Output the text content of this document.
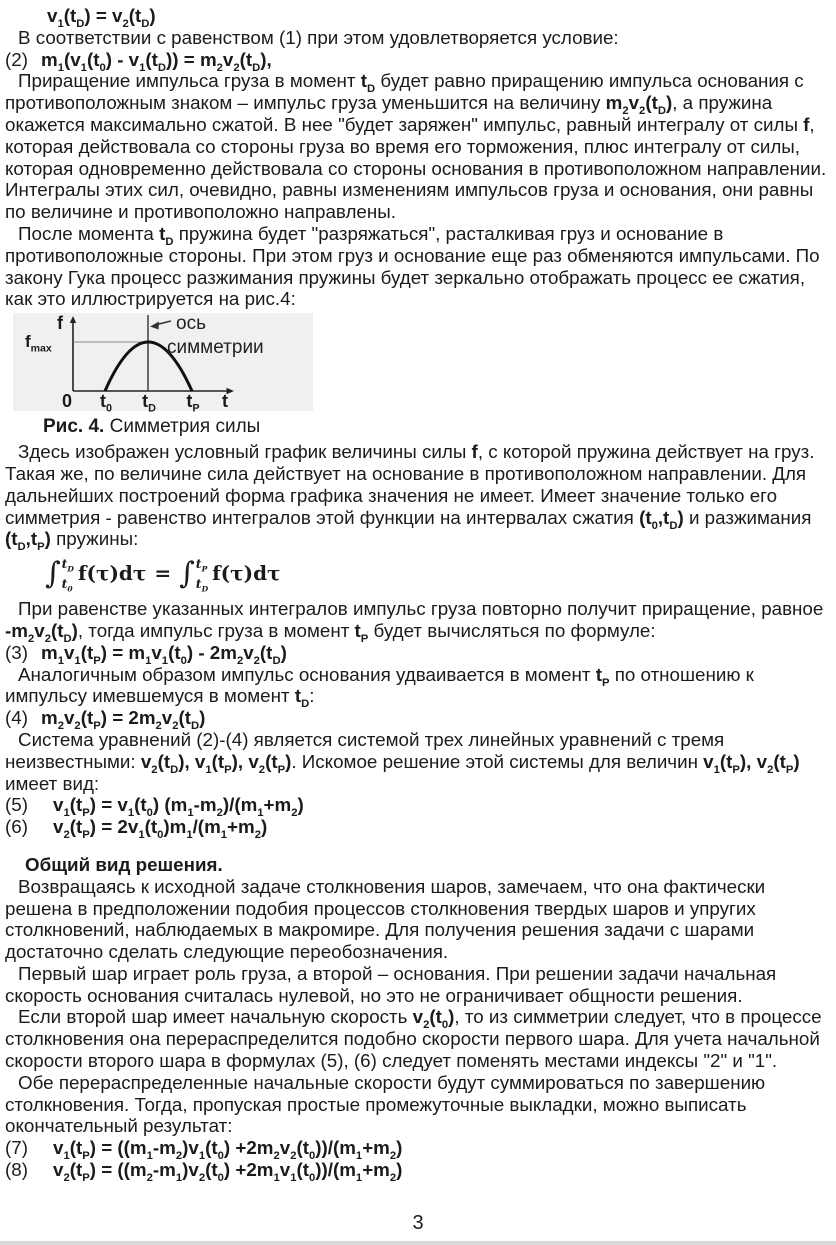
$v_1(t_D) = v_2(t_D)$

В соответствии с равенством (1) при этом удовлетворяется условие:

(2) $m_1(v_1(t_0) - v_1(t_D)) = m_2v_2(t_D)$,

Приращение импульса груза в момент $t_D$ будет равно приращению импульса основания с противоположным знаком – импульс груза уменьшится на величину $m_2v_2(t_D)$, а пружина окажется максимально сжатой. В нее "будет заряжен" импульс, равный интегралу от силы f, которая действовала со стороны груза во время его торможения, плюс интегралу от силы, которая одновременно действовала со стороны основания в противоположном направлении. Интегралы этих сил, очевидно, равны изменениям импульсов груза и основания, они равны по величине и противоположно направлены.

После момента $t_D$ пружина будет "разряжаться", расталкивая груз и основание в противоположные стороны. При этом груз и основание еще раз обменяются импульсами. По закону Гука процесс разжимания пружины будет зеркально отображать процесс ее сжатия, как это иллюстрируется на рис.4:

f
$f_{max}$
ось
симметрии
0 $t_0$ $t_D$ $t_P$ t

Рис. 4. Симметрия силы

Здесь изображен условный график величины силы f, с которой пружина действует на груз. Такая же, по величине сила действует на основание в противоположном направлении. Для дальнейших построений форма графика значения не имеет. Имеет значение только его симметрия - равенство интегралов этой функции на интервалах сжатия $(t_0,t_D)$ и разжимания $(t_D,t_P)$ пружины:

∫ $t_D$
$t_0$
f(τ)dτ = ∫ $t_P$
$t_D$
f(τ)dτ

При равенстве указанных интегралов импульс груза повторно получит приращение, равное $-m_2v_2(t_D)$, тогда импульс груза в момент $t_P$ будет вычисляться по формуле:

(3) $m_1v_1(t_P) = m_1v_1(t_0) - 2m_2v_2(t_D)$

Аналогичным образом импульс основания удваивается в момент $t_P$ по отношению к импульсу имевшемуся в момент $t_D$:

(4) $m_2v_2(t_P) = 2m_2v_2(t_D)$

Система уравнений (2)-(4) является системой трех линейных уравнений с тремя неизвестными: $v_2(t_D)$, $v_1(t_P)$, $v_2(t_P)$. Искомое решение этой системы для величин $v_1(t_P)$, $v_2(t_P)$ имеет вид:

(5) $v_1(t_P) = v_1(t_0)$ $(m_1-m_2)/(m_1+m_2)$

(6) $v_2(t_P) = 2v_1(t_0)m_1/(m_1+m_2)$

Общий вид решения.

Возвращаясь к исходной задаче столкновения шаров, замечаем, что она фактически решена в предположении подобия процессов столкновения твердых шаров и упругих столкновений, наблюдаемых в макромире. Для получения решения задачи с шарами достаточно сделать следующие переобозначения.

Первый шар играет роль груза, а второй – основания. При решении задачи начальная скорость основания считалась нулевой, но это не ограничивает общности решения.

Если второй шар имеет начальную скорость $v_2(t_0)$, то из симметрии следует, что в процессе столкновения она перераспределится подобно скорости первого шара. Для учета начальной скорости второго шара в формулах (5), (6) следует поменять местами индексы "2" и "1".

Обе перераспределенные начальные скорости будут суммироваться по завершению столкновения. Тогда, пропуская простые промежуточные выкладки, можно выписать окончательный результат:

(7) $v_1(t_P) = ((m_1-m_2)v_1(t_0) +2m_2v_2(t_0))/(m_1+m_2)$

(8) $v_2(t_P) = ((m_2-m_1)v_2(t_0) +2m_1v_1(t_0))/(m_1+m_2)$

3
